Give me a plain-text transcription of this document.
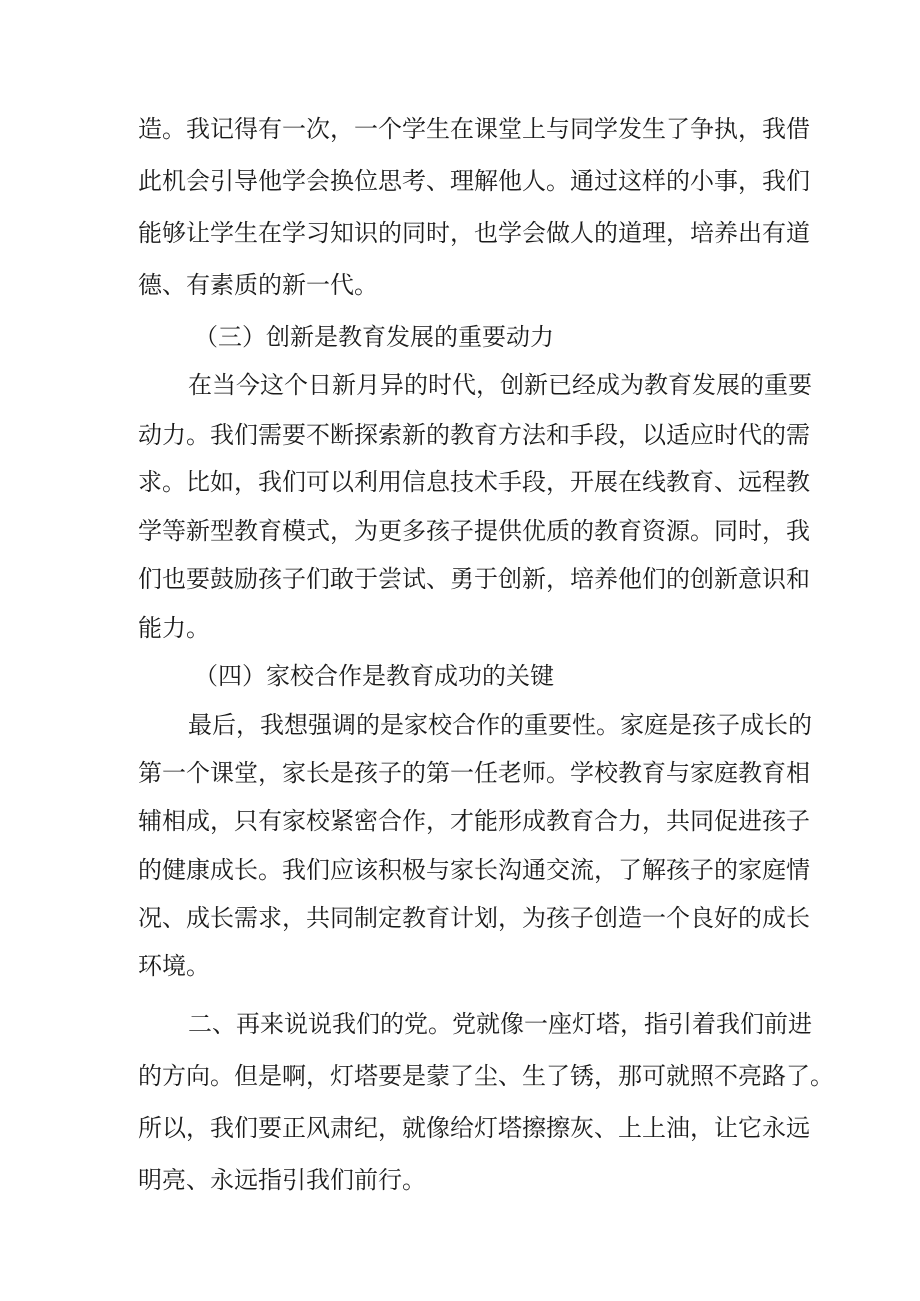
造。我记得有一次，一个学生在课堂上与同学发生了争执，我借
此机会引导他学会换位思考、理解他人。通过这样的小事，我们
能够让学生在学习知识的同时，也学会做人的道理，培养出有道
德、有素质的新一代。
（三）创新是教育发展的重要动力
在当今这个日新月异的时代，创新已经成为教育发展的重要
动力。我们需要不断探索新的教育方法和手段，以适应时代的需
求。比如，我们可以利用信息技术手段，开展在线教育、远程教
学等新型教育模式，为更多孩子提供优质的教育资源。同时，我
们也要鼓励孩子们敢于尝试、勇于创新，培养他们的创新意识和
能力。
（四）家校合作是教育成功的关键
最后，我想强调的是家校合作的重要性。家庭是孩子成长的
第一个课堂，家长是孩子的第一任老师。学校教育与家庭教育相
辅相成，只有家校紧密合作，才能形成教育合力，共同促进孩子
的健康成长。我们应该积极与家长沟通交流，了解孩子的家庭情
况、成长需求，共同制定教育计划，为孩子创造一个良好的成长
环境。
二、再来说说我们的党。党就像一座灯塔，指引着我们前进
的方向。但是啊，灯塔要是蒙了尘、生了锈，那可就照不亮路了。
所以，我们要正风肃纪，就像给灯塔擦擦灰、上上油，让它永远
明亮、永远指引我们前行。
